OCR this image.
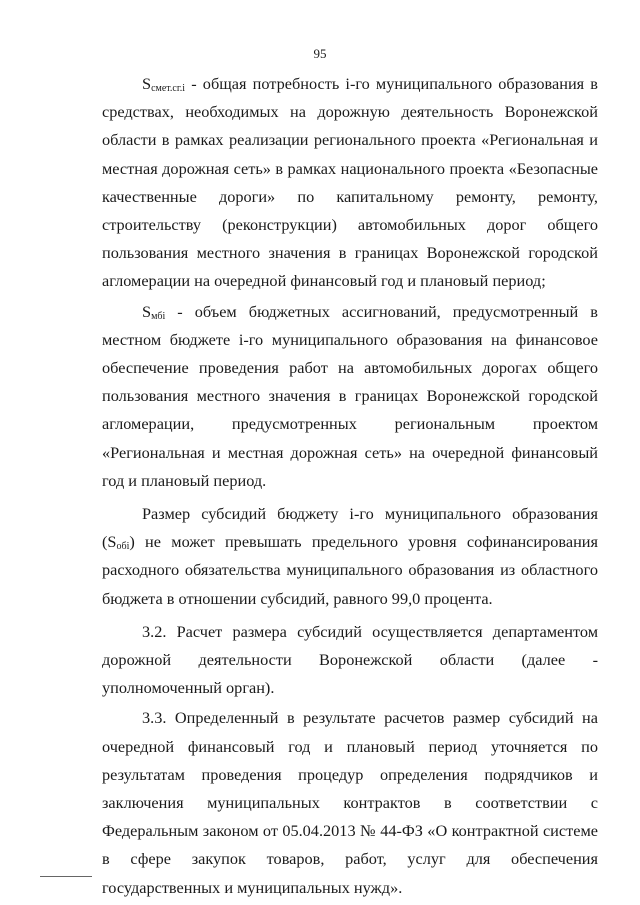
95

$S_{смет.сг.i}$ - общая потребность i-го муниципального образования в средствах, необходимых на дорожную деятельность Воронежской области в рамках реализации регионального проекта «Региональная и местная дорожная сеть» в рамках национального проекта «Безопасные качественные дороги» по капитальному ремонту, ремонту, строительству (реконструкции) автомобильных дорог общего пользования местного значения в границах Воронежской городской агломерации на очередной финансовый год и плановый период;

$S_{мбi}$ - объем бюджетных ассигнований, предусмотренный в местном бюджете i-го муниципального образования на финансовое обеспечение проведения работ на автомобильных дорогах общего пользования местного значения в границах Воронежской городской агломерации, предусмотренных региональным проектом «Региональная и местная дорожная сеть» на очередной финансовый год и плановый период.

Размер субсидий бюджету i-го муниципального образования $(S_{обi})$ не может превышать предельного уровня софинансирования расходного обязательства муниципального образования из областного бюджета в отношении субсидий, равного 99,0 процента.

3.2. Расчет размера субсидий осуществляется департаментом дорожной деятельности Воронежской области (далее - уполномоченный орган).

3.3. Определенный в результате расчетов размер субсидий на очередной финансовый год и плановый период уточняется по результатам проведения процедур определения подрядчиков и заключения муниципальных контрактов в соответствии с Федеральным законом от 05.04.2013 № 44-ФЗ «О контрактной системе в сфере закупок товаров, работ, услуг для обеспечения государственных и муниципальных нужд».
